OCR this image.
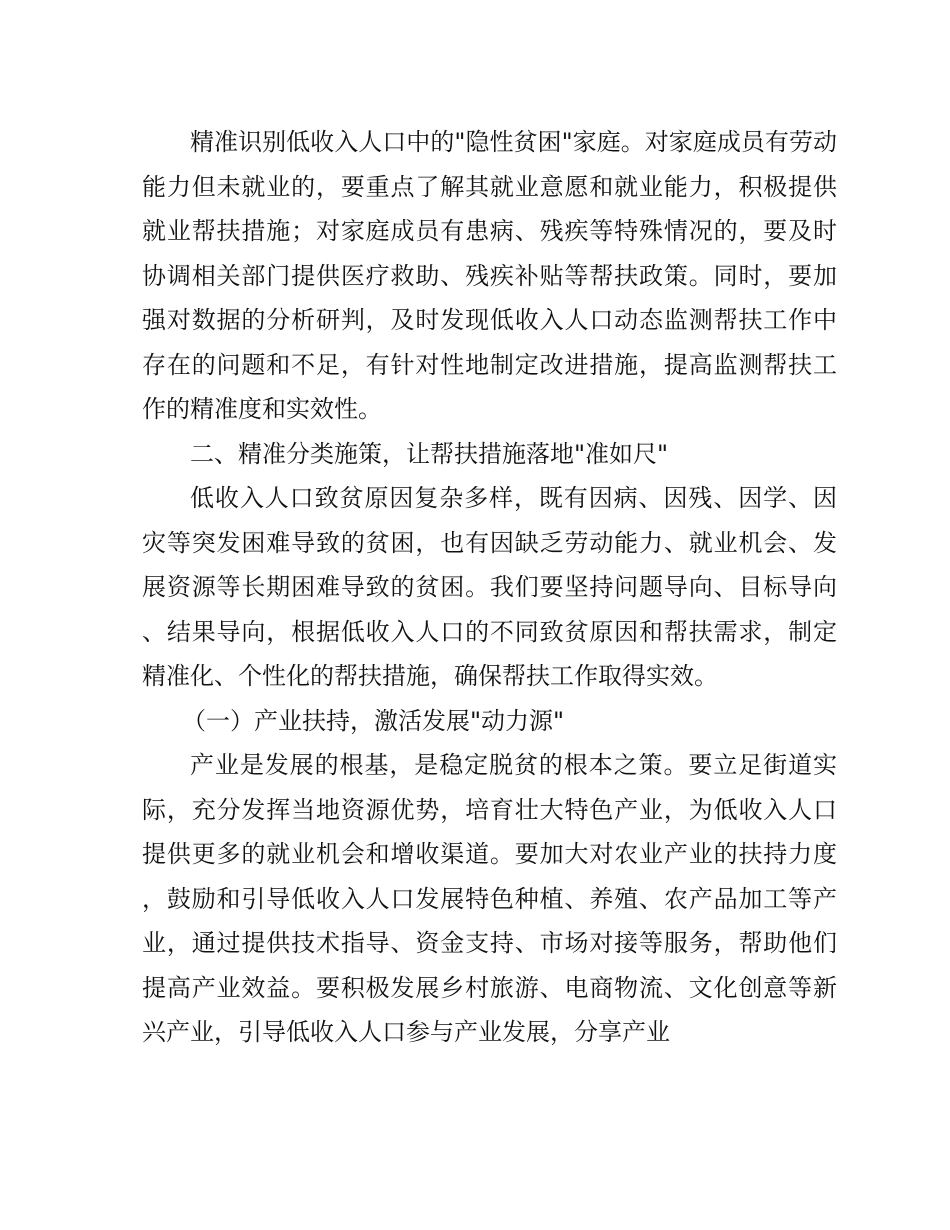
精准识别低收入人口中的"隐性贫困"家庭。对家庭成员有劳动能力但未就业的，要重点了解其就业意愿和就业能力，积极提供就业帮扶措施；对家庭成员有患病、残疾等特殊情况的，要及时协调相关部门提供医疗救助、残疾补贴等帮扶政策。同时，要加强对数据的分析研判，及时发现低收入人口动态监测帮扶工作中存在的问题和不足，有针对性地制定改进措施，提高监测帮扶工作的精准度和实效性。

二、精准分类施策，让帮扶措施落地"准如尺"

低收入人口致贫原因复杂多样，既有因病、因残、因学、因灾等突发困难导致的贫困，也有因缺乏劳动能力、就业机会、发展资源等长期困难导致的贫困。我们要坚持问题导向、目标导向、结果导向，根据低收入人口的不同致贫原因和帮扶需求，制定精准化、个性化的帮扶措施，确保帮扶工作取得实效。

（一）产业扶持，激活发展"动力源"

产业是发展的根基，是稳定脱贫的根本之策。要立足街道实际，充分发挥当地资源优势，培育壮大特色产业，为低收入人口提供更多的就业机会和增收渠道。要加大对农业产业的扶持力度，鼓励和引导低收入人口发展特色种植、养殖、农产品加工等产业，通过提供技术指导、资金支持、市场对接等服务，帮助他们提高产业效益。要积极发展乡村旅游、电商物流、文化创意等新兴产业，引导低收入人口参与产业发展，分享产业
